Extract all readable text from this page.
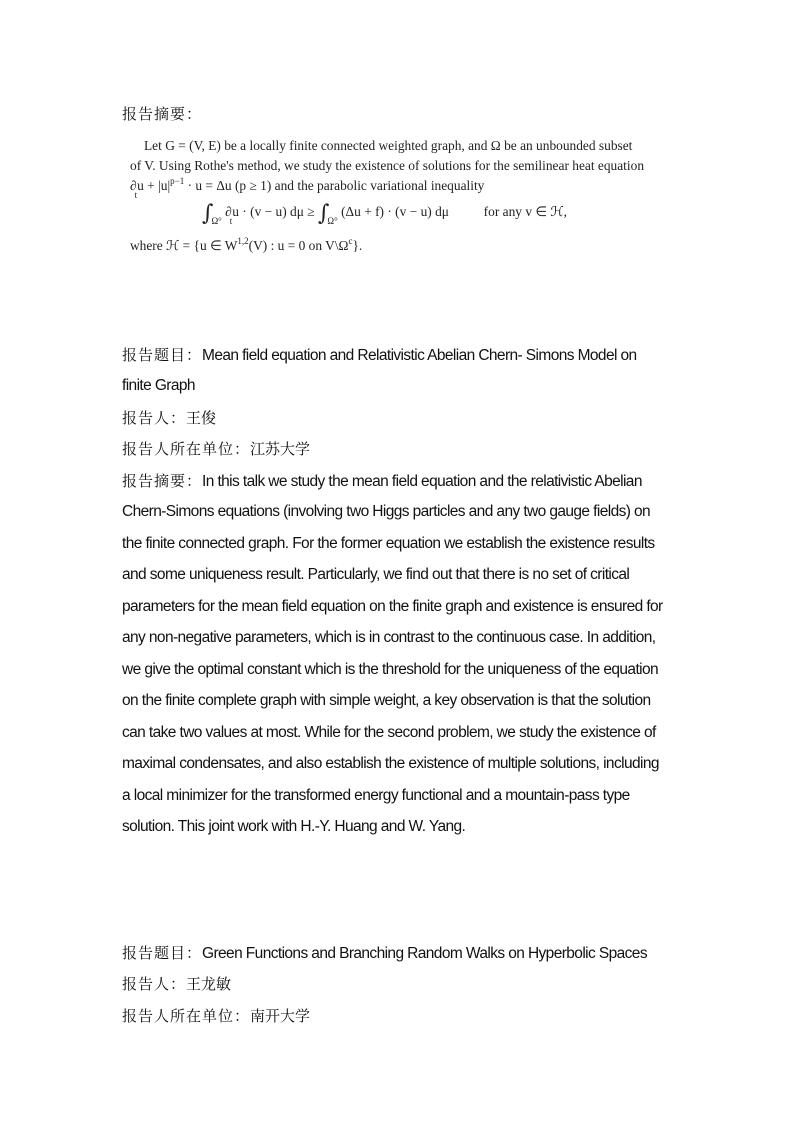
报告摘要：
Let G = (V, E) be a locally finite connected weighted graph, and Ω be an unbounded subset
of V. Using Rothe's method, we study the existence of solutions for the semilinear heat equation
$\partial_tu + |u|^{p-1} \cdot u = \Delta u$ (p ≥ 1) and the parabolic variational inequality
$\int_{\Omega^\circ}$ $\partial_tu \cdot (v - u) d\mu \ge \int_{\Omega^\circ}$ (Δu + f) · (v − u) dμ	for any v ∈ ℋ,
where ℋ = {u ∈ W$^{1,2}$(V) : u = 0 on $V\backslash\Omega^c$}.
报告题目：Mean field equation and Relativistic Abelian Chern- Simons Model on
finite Graph
报告人：王俊
报告人所在单位：江苏大学
报告摘要：In this talk we study the mean field equation and the relativistic Abelian
Chern-Simons equations (involving two Higgs particles and any two gauge fields) on
the finite connected graph. For the former equation we establish the existence results
and some uniqueness result. Particularly, we find out that there is no set of critical
parameters for the mean field equation on the finite graph and existence is ensured for
any non-negative parameters, which is in contrast to the continuous case. In addition,
we give the optimal constant which is the threshold for the uniqueness of the equation
on the finite complete graph with simple weight, a key observation is that the solution
can take two values at most. While for the second problem, we study the existence of
maximal condensates, and also establish the existence of multiple solutions, including
a local minimizer for the transformed energy functional and a mountain-pass type
solution. This joint work with H.-Y. Huang and W. Yang.
报告题目：Green Functions and Branching Random Walks on Hyperbolic Spaces
报告人：王龙敏
报告人所在单位：南开大学
